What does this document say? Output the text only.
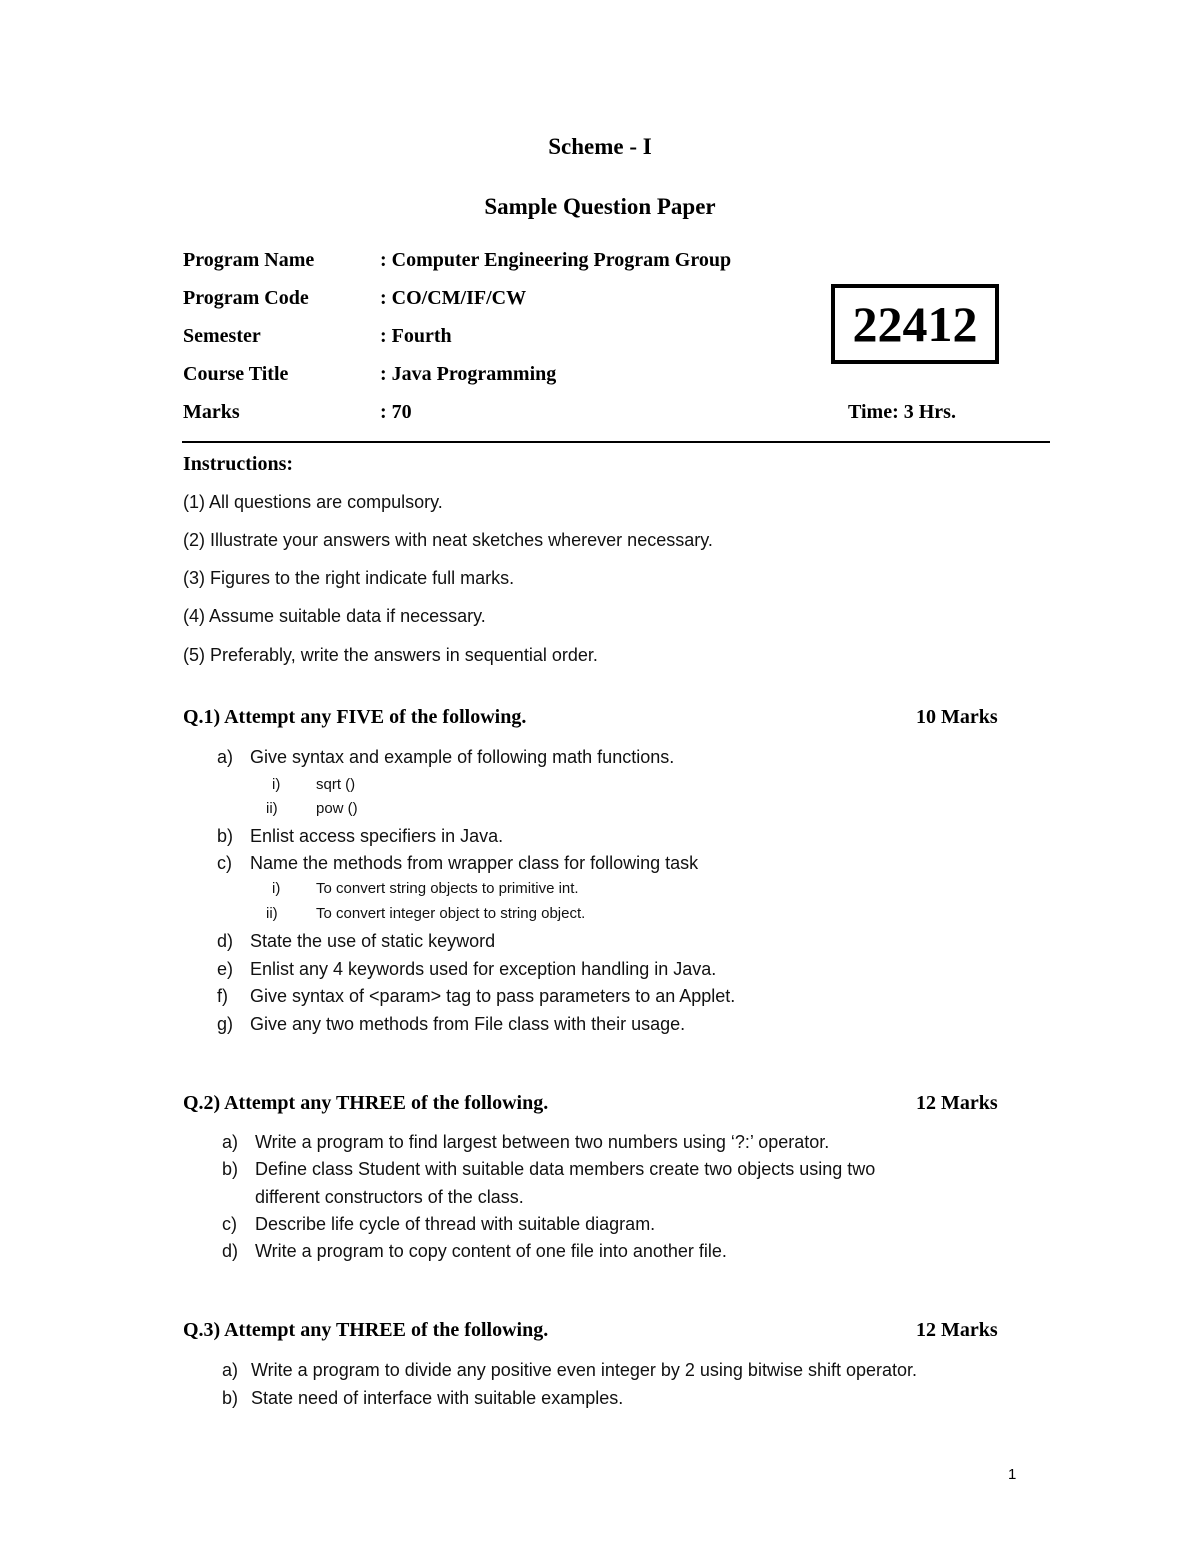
Scheme - I
Sample Question Paper
Program Name	: Computer Engineering Program Group
Program Code	: CO/CM/IF/CW
Semester	: Fourth
Course Title	: Java Programming
Marks	: 70
22412
Time: 3 Hrs.
Instructions:
(1) All questions are compulsory.
(2) Illustrate your answers with neat sketches wherever necessary.
(3) Figures to the right indicate full marks.
(4) Assume suitable data if necessary.
(5) Preferably, write the answers in sequential order.
Q.1) Attempt any FIVE of the following.	10 Marks
a) Give syntax and example of following math functions.
i) sqrt ()
ii)	pow ()
b) Enlist access specifiers in Java.
c) Name the methods from wrapper class for following task
i) To convert string objects to primitive int.
ii)	To convert integer object to string object.
d) State the use of static keyword
e) Enlist any 4 keywords used for exception handling in Java.
f) Give syntax of <param> tag to pass parameters to an Applet.
g) Give any two methods from File class with their usage.
Q.2) Attempt any THREE of the following.	12 Marks
a) Write a program to find largest between two numbers using ‘?:’ operator.
b) Define class Student with suitable data members create two objects using two
different constructors of the class.
c) Describe life cycle of thread with suitable diagram.
d) Write a program to copy content of one file into another file.
Q.3) Attempt any THREE of the following.	12 Marks
a) Write a program to divide any positive even integer by 2 using bitwise shift operator.
b) State need of interface with suitable examples.
1
